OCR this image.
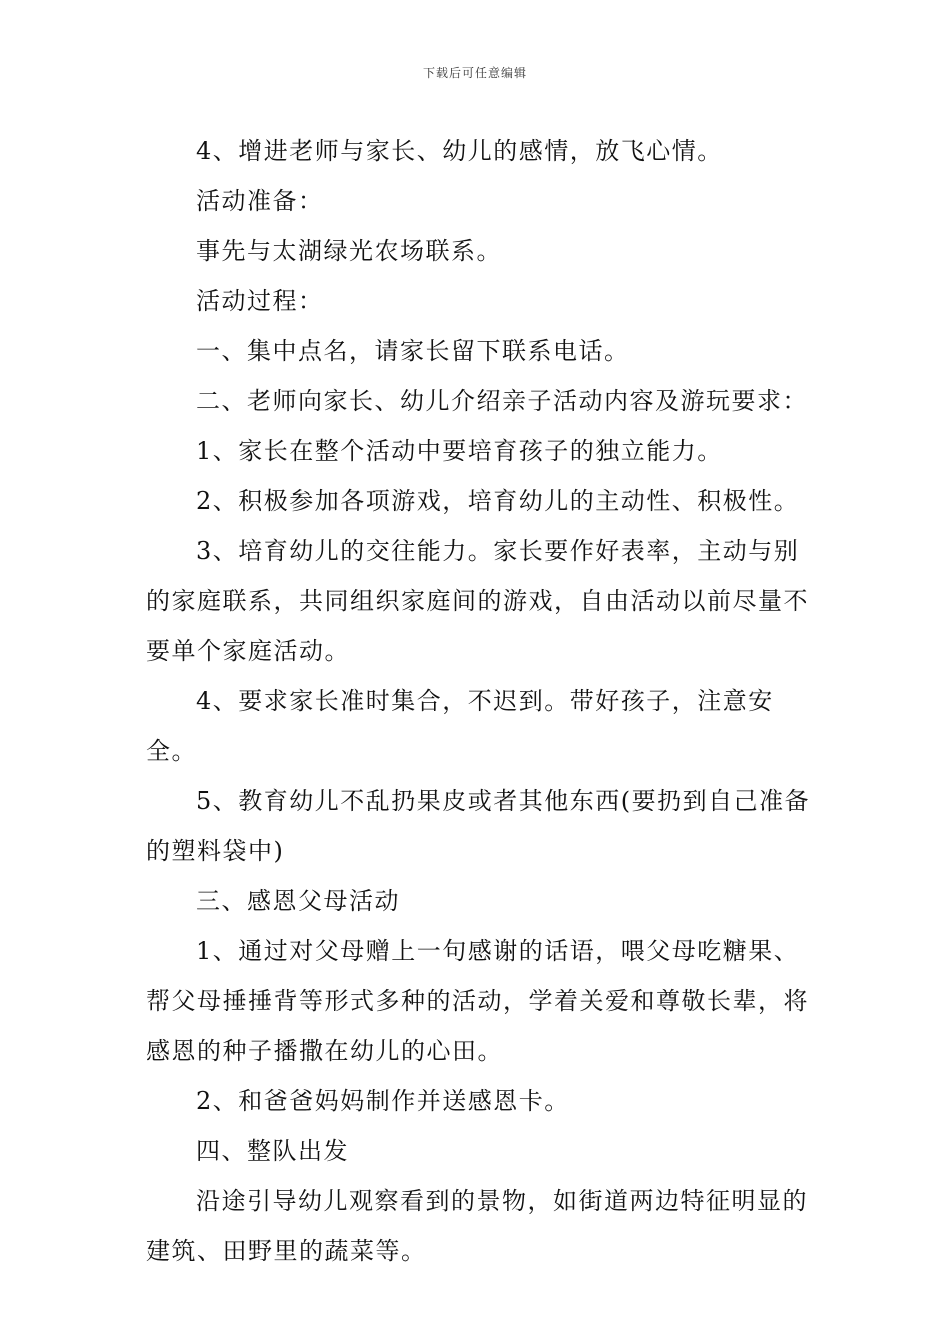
下载后可任意编辑

4、增进老师与家长、幼儿的感情，放飞心情。

活动准备：

事先与太湖绿光农场联系。

活动过程：

一、集中点名，请家长留下联系电话。

二、老师向家长、幼儿介绍亲子活动内容及游玩要求：

1、家长在整个活动中要培育孩子的独立能力。

2、积极参加各项游戏，培育幼儿的主动性、积极性。

3、培育幼儿的交往能力。家长要作好表率，主动与别的家庭联系，共同组织家庭间的游戏，自由活动以前尽量不要单个家庭活动。

4、要求家长准时集合，不迟到。带好孩子，注意安全。

5、教育幼儿不乱扔果皮或者其他东西(要扔到自己准备的塑料袋中)

三、感恩父母活动

1、通过对父母赠上一句感谢的话语，喂父母吃糖果、帮父母捶捶背等形式多种的活动，学着关爱和尊敬长辈，将感恩的种子播撒在幼儿的心田。

2、和爸爸妈妈制作并送感恩卡。

四、整队出发

沿途引导幼儿观察看到的景物，如街道两边特征明显的建筑、田野里的蔬菜等。
